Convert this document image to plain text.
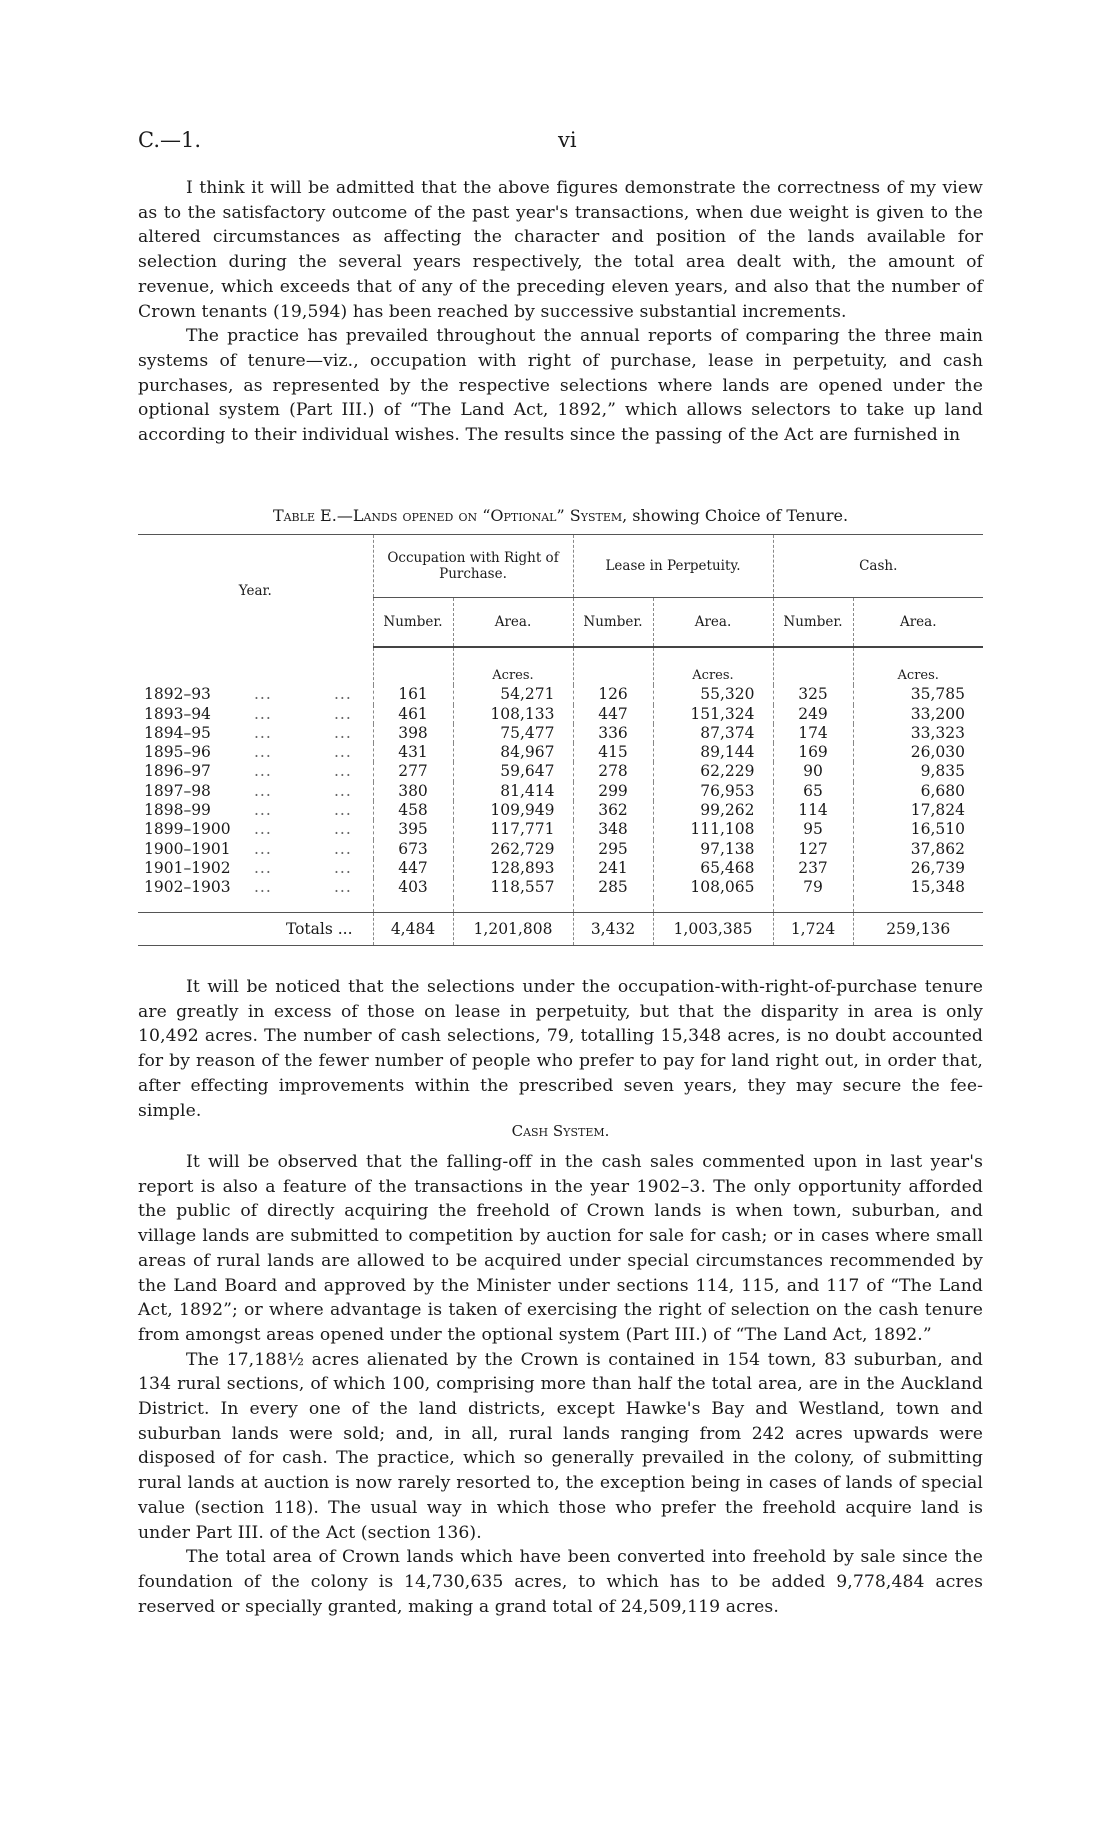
C.—1.	vi

I think it will be admitted that the above figures demonstrate the correctness of my view as to the satisfactory outcome of the past year's transactions, when due weight is given to the altered circumstances as affecting the character and position of the lands available for selection during the several years respectively, the total area dealt with, the amount of revenue, which exceeds that of any of the preceding eleven years, and also that the number of Crown tenants (19,594) has been reached by successive substantial increments.

The practice has prevailed throughout the annual reports of comparing the three main systems of tenure—viz., occupation with right of purchase, lease in perpetuity, and cash purchases, as represented by the respective selections where lands are opened under the optional system (Part III.) of “The Land Act, 1892,” which allows selectors to take up land according to their individual wishes. The results since the passing of the Act are furnished in

Table E.—Lands opened on “Optional” System, showing Choice of Tenure.
Year.	Occupation with Right of Purchase.		Lease in Perpetuity.		Cash.	
	Number.	Area.	Number.	Area.	Number.	Area.
		Acres.		Acres.		Acres.
1892–93 ... ...	161	54,271	126	55,320	325	35,785
1893–94 ... ...	461	108,133	447	151,324	249	33,200
1894–95 ... ...	398	75,477	336	87,374	174	33,323
1895–96 ... ...	431	84,967	415	89,144	169	26,030
1896–97 ... ...	277	59,647	278	62,229	90	9,835
1897–98 ... ...	380	81,414	299	76,953	65	6,680
1898–99 ... ...	458	109,949	362	99,262	114	17,824
1899–1900 ... ...	395	117,771	348	111,108	95	16,510
1900–1901 ... ...	673	262,729	295	97,138	127	37,862
1901–1902 ... ...	447	128,893	241	65,468	237	26,739
1902–1903 ... ...	403	118,557	285	108,065	79	15,348

Totals ...	4,484	1,201,808	3,432	1,003,385	1,724	259,136

It will be noticed that the selections under the occupation-with-right-of-purchase tenure are greatly in excess of those on lease in perpetuity, but that the disparity in area is only 10,492 acres. The number of cash selections, 79, totalling 15,348 acres, is no doubt accounted for by reason of the fewer number of people who prefer to pay for land right out, in order that, after effecting improvements within the prescribed seven years, they may secure the fee-simple.

Cash System.

It will be observed that the falling-off in the cash sales commented upon in last year's report is also a feature of the transactions in the year 1902–3. The only opportunity afforded the public of directly acquiring the freehold of Crown lands is when town, suburban, and village lands are submitted to competition by auction for sale for cash; or in cases where small areas of rural lands are allowed to be acquired under special circumstances recommended by the Land Board and approved by the Minister under sections 114, 115, and 117 of “The Land Act, 1892”; or where advantage is taken of exercising the right of selection on the cash tenure from amongst areas opened under the optional system (Part III.) of “The Land Act, 1892.”

The 17,188½ acres alienated by the Crown is contained in 154 town, 83 suburban, and 134 rural sections, of which 100, comprising more than half the total area, are in the Auckland District. In every one of the land districts, except Hawke's Bay and Westland, town and suburban lands were sold; and, in all, rural lands ranging from 242 acres upwards were disposed of for cash. The practice, which so generally prevailed in the colony, of submitting rural lands at auction is now rarely resorted to, the exception being in cases of lands of special value (section 118). The usual way in which those who prefer the freehold acquire land is under Part III. of the Act (section 136).

The total area of Crown lands which have been converted into freehold by sale since the foundation of the colony is 14,730,635 acres, to which has to be added 9,778,484 acres reserved or specially granted, making a grand total of 24,509,119 acres.
